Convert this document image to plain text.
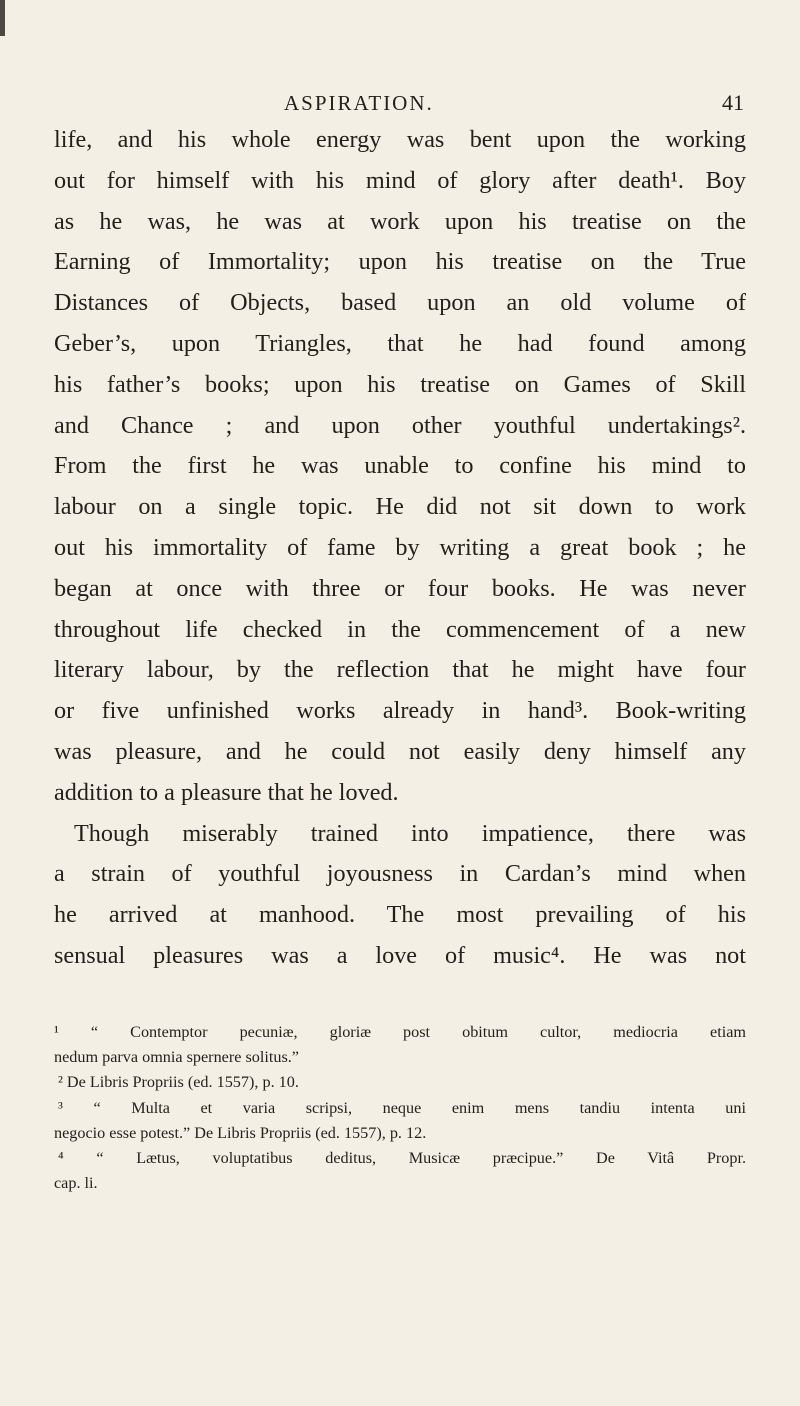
ASPIRATION.	41
life, and his whole energy was bent upon the working
out for himself with his mind of glory after death¹. Boy
as he was, he was at work upon his treatise on the
Earning of Immortality; upon his treatise on the True
Distances of Objects, based upon an old volume of
Geber’s, upon Triangles, that he had found among
his father’s books; upon his treatise on Games of Skill
and Chance ; and upon other youthful undertakings².
From the first he was unable to confine his mind to
labour on a single topic. He did not sit down to work
out his immortality of fame by writing a great book ; he
began at once with three or four books. He was never
throughout life checked in the commencement of a new
literary labour, by the reflection that he might have four
or five unfinished works already in hand³. Book-writing
was pleasure, and he could not easily deny himself any
addition to a pleasure that he loved.
Though miserably trained into impatience, there was
a strain of youthful joyousness in Cardan’s mind when
he arrived at manhood. The most prevailing of his
sensual pleasures was a love of music⁴. He was not
¹ “ Contemptor pecuniæ, gloriæ post obitum cultor, mediocria etiam
nedum parva omnia spernere solitus.”
² De Libris Propriis (ed. 1557), p. 10.
³ “ Multa et varia scripsi, neque enim mens tandiu intenta uni
negocio esse potest.” De Libris Propriis (ed. 1557), p. 12.
⁴ “ Lætus, voluptatibus deditus, Musicæ præcipue.” De Vitâ Propr.
cap. li.
